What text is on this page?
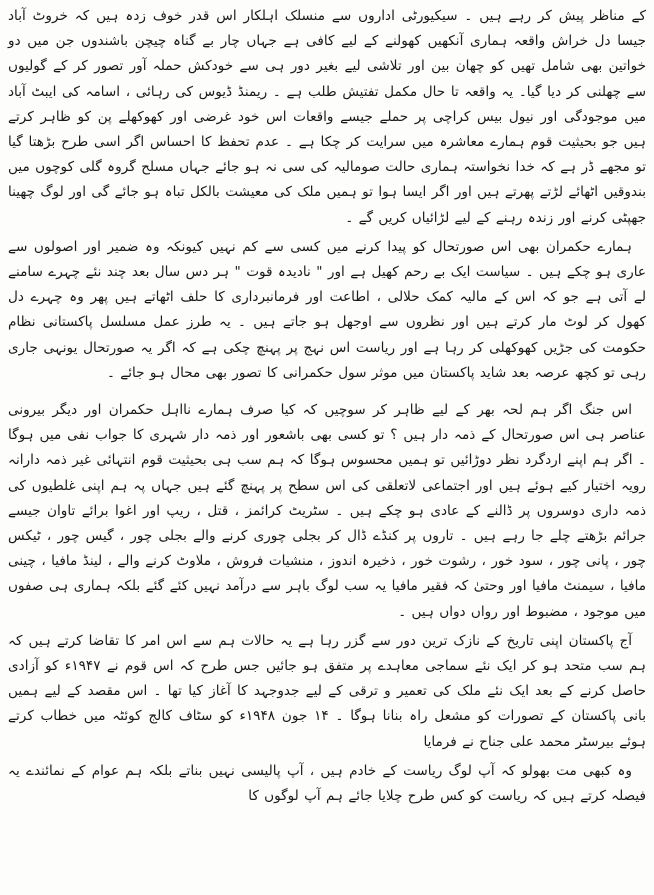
کے مناظر پیش کر رہے ہیں ۔ سیکیورٹی اداروں سے منسلک اہلکار اس قدر خوف زدہ ہیں کہ خروٹ آباد جیسا دل خراش واقعہ ہماری آنکھیں کھولنے کے لیے کافی ہے جہاں چار بے گناہ چیچن باشندوں جن میں دو خواتین بھی شامل تھیں کو چھان بین اور تلاشی لیے بغیر دور ہی سے خودکش حملہ آور تصور کر کے گولیوں سے چھلنی کر دیا گیا۔ یہ واقعہ تا حال مکمل تفتیش طلب ہے ۔ ریمنڈ ڈیوس کی رہائی ، اسامہ کی ایبٹ آباد میں موجودگی اور نیول بیس کراچی پر حملے جیسے واقعات اس خود غرضی اور کھوکھلے پن کو ظاہر کرتے ہیں جو بحیثیت قوم ہمارے معاشرہ میں سرایت کر چکا ہے ۔ عدم تحفظ کا احساس اگر اسی طرح بڑھتا گیا تو مجھے ڈر ہے کہ خدا نخواستہ ہماری حالت صومالیہ کی سی نہ ہو جائے جہاں مسلح گروہ گلی کوچوں میں بندوقیں اٹھائے لڑتے پھرتے ہیں اور اگر ایسا ہوا تو ہمیں ملک کی معیشت بالکل تباہ ہو جائے گی اور لوگ چھینا جھپٹی کرنے اور زندہ رہنے کے لیے لڑائیاں کریں گے ۔

ہمارے حکمران بھی اس صورتحال کو پیدا کرنے میں کسی سے کم نہیں کیونکہ وہ ضمیر اور اصولوں سے عاری ہو چکے ہیں ۔ سیاست ایک بے رحم کھیل ہے اور " نادیدہ قوت " ہر دس سال بعد چند نئے چہرے سامنے لے آتی ہے جو کہ اس کے مالیہ کمک حلالی ، اطاعت اور فرمانبرداری کا حلف اٹھاتے ہیں پھر وہ چہرے دل کھول کر لوٹ مار کرتے ہیں اور نظروں سے اوجھل ہو جاتے ہیں ۔ یہ طرز عمل مسلسل پاکستانی نظام حکومت کی جڑیں کھوکھلی کر رہا ہے اور ریاست اس نہج پر پہنچ چکی ہے کہ اگر یہ صورتحال یونہی جاری رہی تو کچھ عرصہ بعد شاید پاکستان میں موثر سول حکمرانی کا تصور بھی محال ہو جائے ۔

اس جنگ اگر ہم لحہ بھر کے لیے ظاہر کر سوچیں کہ کیا صرف ہمارے نااہل حکمران اور دیگر بیرونی عناصر ہی اس صورتحال کے ذمہ دار ہیں ؟ تو کسی بھی باشعور اور ذمہ دار شہری کا جواب نفی میں ہوگا ۔ اگر ہم اپنے اردگرد نظر دوڑائیں تو ہمیں محسوس ہوگا کہ ہم سب ہی بحیثیت قوم انتہائی غیر ذمہ دارانہ رویہ اختیار کیے ہوئے ہیں اور اجتماعی لاتعلقی کی اس سطح پر پہنچ گئے ہیں جہاں پہ ہم اپنی غلطیوں کی ذمہ داری دوسروں پر ڈالنے کے عادی ہو چکے ہیں ۔ سٹریٹ کرائمز ، قتل ، ریپ اور اغوا برائے تاوان جیسے جرائم بڑھتے چلے جا رہے ہیں ۔ تاروں پر کنڈے ڈال کر بجلی چوری کرنے والے بجلی چور ، گیس چور ، ٹیکس چور ، پانی چور ، سود خور ، رشوت خور ، ذخیرہ اندوز ، منشیات فروش ، ملاوٹ کرنے والے ، لینڈ مافیا ، چینی مافیا ، سیمنٹ مافیا اور وحتیٰ کہ فقیر مافیا یہ سب لوگ باہر سے درآمد نہیں کئے گئے بلکہ ہماری ہی صفوں میں موجود ، مضبوط اور رواں دواں ہیں ۔

آج پاکستان اپنی تاریخ کے نازک ترین دور سے گزر رہا ہے یہ حالات ہم سے اس امر کا تقاضا کرتے ہیں کہ ہم سب متحد ہو کر ایک نئے سماجی معاہدے پر متفق ہو جائیں جس طرح کہ اس قوم نے ۱۹۴۷ء کو آزادی حاصل کرنے کے بعد ایک نئے ملک کی تعمیر و ترقی کے لیے جدوجہد کا آغاز کیا تھا ۔ اس مقصد کے لیے ہمیں بانی پاکستان کے تصورات کو مشعل راہ بنانا ہوگا ۔ ۱۴ جون ۱۹۴۸ء کو سٹاف کالج کوئٹہ میں خطاب کرتے ہوئے بیرسٹر محمد علی جناح نے فرمایا

وہ کبھی مت بھولو کہ آپ لوگ ریاست کے خادم ہیں ، آپ پالیسی نہیں بناتے بلکہ ہم عوام کے نمائندے یہ فیصلہ کرتے ہیں کہ ریاست کو کس طرح چلایا جائے ہم آپ لوگوں کا
